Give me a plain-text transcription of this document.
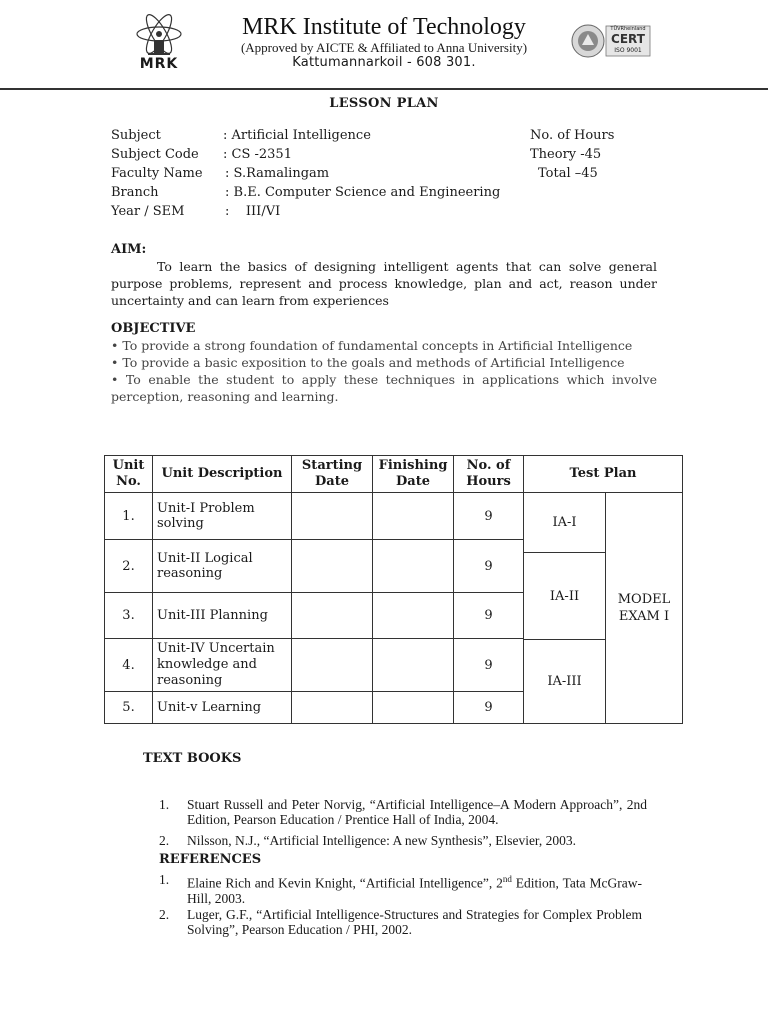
MRK
TÜVRheinland
CERT
ISO 9001
MRK Institute of Technology
(Approved by AICTE & Affiliated to Anna University)
Kattumannarkoil - 608 301.
LESSON PLAN
Subject	: Artificial Intelligence	No. of Hours
Subject Code : CS -2351	Theory -45
Faculty Name : S.Ramalingam	Total –45
Branch	: B.E. Computer Science and Engineering
Year / SEM	:    III/VI
AIM:
To learn the basics of designing intelligent agents that can solve general purpose problems, represent and process knowledge, plan and act, reason under uncertainty and can learn from experiences
OBJECTIVE
• To provide a strong foundation of fundamental concepts in Artificial Intelligence
• To provide a basic exposition to the goals and methods of Artificial Intelligence
• To enable the student to apply these techniques in applications which involve perception, reasoning and learning.
Unit No.	Unit Description	Starting Date	Finishing Date	No. of Hours	Test Plan	
1.	Unit-I Problem solving			9	IA-I	MODEL EXAM I

2.	Unit-II Logical reasoning			9		
					IA-II	

3.	Unit-III Planning			9		
4.	Unit-IV Uncertain knowledge and reasoning			9		
					IA-III	
5.	Unit-v Learning			9		
TEXT BOOKS
1. Stuart Russell and Peter Norvig, “Artificial Intelligence–A Modern Approach”, 2nd Edition, Pearson Education / Prentice Hall of India, 2004.
2. Nilsson, N.J., “Artificial Intelligence: A new Synthesis”, Elsevier, 2003.
REFERENCES
1. Elaine Rich and Kevin Knight, “Artificial Intelligence”, 2nd Edition, Tata McGraw-Hill, 2003.
2. Luger, G.F., “Artificial Intelligence-Structures and Strategies for Complex Problem Solving”, Pearson Education / PHI, 2002.
